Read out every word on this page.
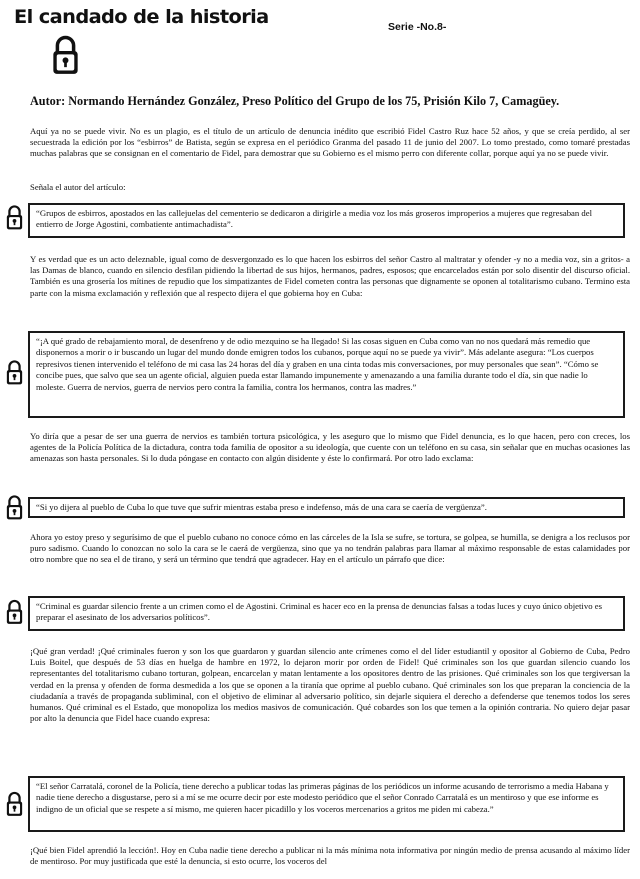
El candado de la historia	Serie -No.8-
Autor: Normando Hernández González, Preso Político del Grupo de los 75, Prisión Kilo 7, Camagüey.

Aquí ya no se puede vivir. No es un plagio, es el título de un artículo de denuncia inédito que escribió Fidel Castro Ruz hace 52 años, y que se creía perdido, al ser secuestrada la edición por los “esbirros” de Batista, según se expresa en el periódico Granma del pasado 11 de junio del 2007. Lo tomo prestado, como tomaré prestadas muchas palabras que se consignan en el comentario de Fidel, para demostrar que su Gobierno es el mismo perro con diferente collar, porque aquí ya no se puede vivir.

Señala el autor del artículo:

“Grupos de esbirros, apostados en las callejuelas del cementerio se dedicaron a dirigirle a media voz los más groseros improperios a mujeres que regresaban del entierro de Jorge Agostini, combatiente antimachadista”.

Y es verdad que es un acto deleznable, igual como de desvergonzado es lo que hacen los esbirros del señor Castro al maltratar y ofender -y no a media voz, sin a gritos- a las Damas de blanco, cuando en silencio desfilan pidiendo la libertad de sus hijos, hermanos, padres, esposos; que encarcelados están por solo disentir del discurso oficial. También es una grosería los mítines de repudio que los simpatizantes de Fidel cometen contra las personas que dignamente se oponen al totalitarismo cubano. Termino esta parte con la misma exclamación y reflexión que al respecto dijera el que gobierna hoy en Cuba:

“¡A qué grado de rebajamiento moral, de desenfreno y de odio mezquino se ha llegado! Si las cosas siguen en Cuba como van no nos quedará más remedio que disponernos a morir o ir buscando un lugar del mundo donde emigren todos los cubanos, porque aquí no se puede ya vivir”. Más adelante asegura: “Los cuerpos represivos tienen intervenido el teléfono de mi casa las 24 horas del día y graben en una cinta todas mis conversaciones, por muy personales que sean”. “Cómo se concibe pues, que salvo que sea un agente oficial, alguien pueda estar llamando impunemente y amenazando a una familia durante todo el día, sin que nadie lo moleste. Guerra de nervios, guerra de nervios pero contra la familia, contra los hermanos, contra las madres.”

Yo diría que a pesar de ser una guerra de nervios es también tortura psicológica, y les aseguro que lo mismo que Fidel denuncia, es lo que hacen, pero con creces, los agentes de la Policía Política de la dictadura, contra toda familia de opositor a su ideología, que cuente con un teléfono en su casa, sin señalar que en muchas ocasiones las amenazas son hasta personales. Si lo duda póngase en contacto con algún disidente y éste lo confirmará. Por otro lado exclama:

“Si yo dijera al pueblo de Cuba lo que tuve que sufrir mientras estaba preso e indefenso, más de una cara se caería de vergüenza”.

Ahora yo estoy preso y segurísimo de que el pueblo cubano no conoce cómo en las cárceles de la Isla se sufre, se tortura, se golpea, se humilla, se denigra a los reclusos por puro sadismo. Cuando lo conozcan no solo la cara se le caerá de vergüenza, sino que ya no tendrán palabras para llamar al máximo responsable de estas calamidades por otro nombre que no sea el de tirano, y será un término que tendrá que agradecer. Hay en el artículo un párrafo que dice:

“Criminal es guardar silencio frente a un crimen como el de Agostini. Criminal es hacer eco en la prensa de denuncias falsas a todas luces y cuyo único objetivo es preparar el asesinato de los adversarios políticos”.

¡Qué gran verdad! ¡Qué criminales fueron y son los que guardaron y guardan silencio ante crímenes como el del líder estudiantil y opositor al Gobierno de Cuba, Pedro Luis Boitel, que después de 53 días en huelga de hambre en 1972, lo dejaron morir por orden de Fidel! Qué criminales son los que guardan silencio cuando los representantes del totalitarismo cubano torturan, golpean, encarcelan y matan lentamente a los opositores dentro de las prisiones. Qué criminales son los que tergiversan la verdad en la prensa y ofenden de forma desmedida a los que se oponen a la tiranía que oprime al pueblo cubano. Qué criminales son los que preparan la conciencia de la ciudadanía a través de propaganda subliminal, con el objetivo de eliminar al adversario político, sin dejarle siquiera el derecho a defenderse que tenemos todos los seres humanos. Qué criminal es el Estado, que monopoliza los medios masivos de comunicación. Qué cobardes son los que temen a la opinión contraria. No quiero dejar pasar por alto la denuncia que Fidel hace cuando expresa:

“El señor Carratalá, coronel de la Policía, tiene derecho a publicar todas las primeras páginas de los periódicos un informe acusando de terrorismo a media Habana y nadie tiene derecho a disgustarse, pero si a mí se me ocurre decir por este modesto periódico que el señor Conrado Carratalá es un mentiroso y que ese informe es indigno de un oficial que se respete a sí mismo, me quieren hacer picadillo y los voceros mercenarios a gritos me piden mi cabeza.”

¡Qué bien Fidel aprendió la lección!. Hoy en Cuba nadie tiene derecho a publicar ni la más mínima nota informativa por ningún medio de prensa acusando al máximo líder de mentiroso. Por muy justificada que esté la denuncia, si esto ocurre, los voceros del
